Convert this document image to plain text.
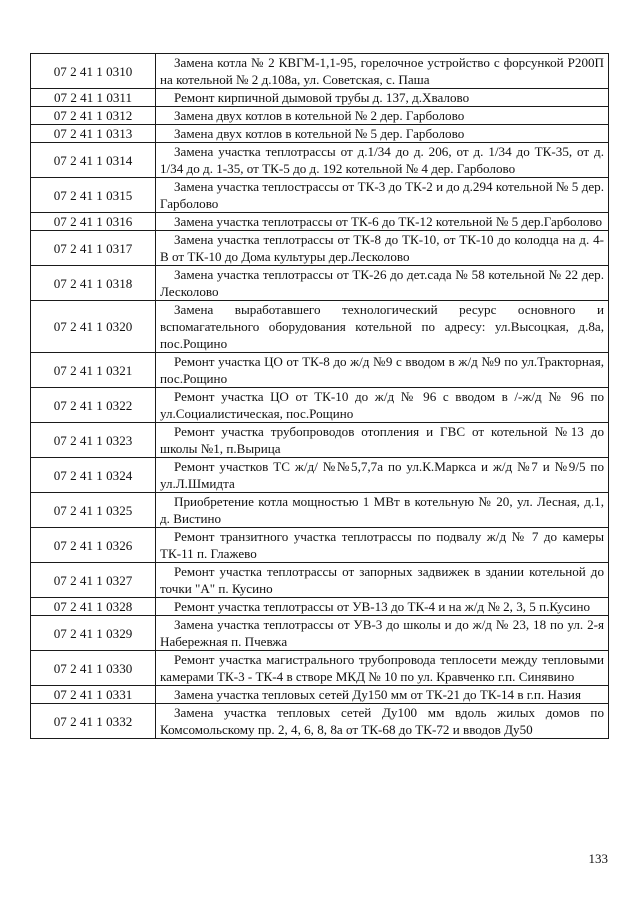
07 2 41 1 0310	Замена котла № 2 КВГМ-1,1-95, горелочное устройство с форсункой Р200П на котельной № 2 д.108а, ул. Советская, с. Паша
07 2 41 1 0311	Ремонт кирпичной дымовой трубы д. 137, д.Хвалово
07 2 41 1 0312	Замена двух котлов в котельной № 2 дер. Гарболово
07 2 41 1 0313	Замена двух котлов в котельной № 5 дер. Гарболово
07 2 41 1 0314	Замена участка теплотрассы от д.1/34 до д. 206, от д. 1/34 до ТК-35, от д. 1/34 до д. 1-35, от ТК-5 до д. 192 котельной № 4 дер. Гарболово
07 2 41 1 0315	Замена участка теплостраcсы от ТК-3 до ТК-2 и до д.294 котельной № 5 дер. Гарболово
07 2 41 1 0316	Замена участка теплотрассы от ТК-6 до ТК-12 котельной № 5 дер.Гарболово
07 2 41 1 0317	Замена участка теплотрассы от ТК-8 до ТК-10, от ТК-10 до колодца на д. 4-В от ТК-10 до Дома культуры дер.Лесколово
07 2 41 1 0318	Замена участка теплотрассы от ТК-26 до дет.сада № 58 котельной № 22 дер. Лесколово
07 2 41 1 0320	Замена выработавшего технологический ресурс основного и вспомагательного оборудования котельной по адресу: ул.Высоцкая, д.8а, пос.Рощино
07 2 41 1 0321	Ремонт участка ЦО от ТК-8 до ж/д №9 с вводом в ж/д №9 по ул.Тракторная, пос.Рощино
07 2 41 1 0322	Ремонт участка ЦО от ТК-10 до ж/д № 96 с вводом в /-ж/д № 96 по ул.Социалистическая, пос.Рощино
07 2 41 1 0323	Ремонт участка трубопроводов отопления и ГВС от котельной №13 до школы №1, п.Вырица
07 2 41 1 0324	Ремонт участков ТС ж/д/ №№5,7,7а по ул.К.Маркса и ж/д №7 и №9/5 по ул.Л.Шмидта
07 2 41 1 0325	Приобретение котла мощностью 1 МВт в котельную № 20, ул. Лесная, д.1, д. Вистино
07 2 41 1 0326	Ремонт транзитного участка теплотрассы по подвалу ж/д № 7 до камеры ТК-11 п. Глажево
07 2 41 1 0327	Ремонт участка теплотрассы от запорных задвижек в здании котельной до точки "А" п. Кусино
07 2 41 1 0328	Ремонт участка теплотрассы от УВ-13 до ТК-4 и на ж/д № 2, 3, 5 п.Кусино
07 2 41 1 0329	Замена участка теплотрассы от УВ-3 до школы и до ж/д № 23, 18 по ул. 2-я Набережная п. Пчевжа
07 2 41 1 0330	Ремонт участка магистрального трубопровода теплосети между тепловыми камерами ТК-3 - ТК-4 в створе МКД № 10 по ул. Кравченко г.п. Синявино
07 2 41 1 0331	Замена участка тепловых сетей Ду150 мм от ТК-21 до ТК-14 в г.п. Назия
07 2 41 1 0332	Замена участка тепловых сетей Ду100 мм вдоль жилых домов по Комсомольскому пр. 2, 4, 6, 8, 8а от ТК-68 до ТК-72 и вводов Ду50
133
